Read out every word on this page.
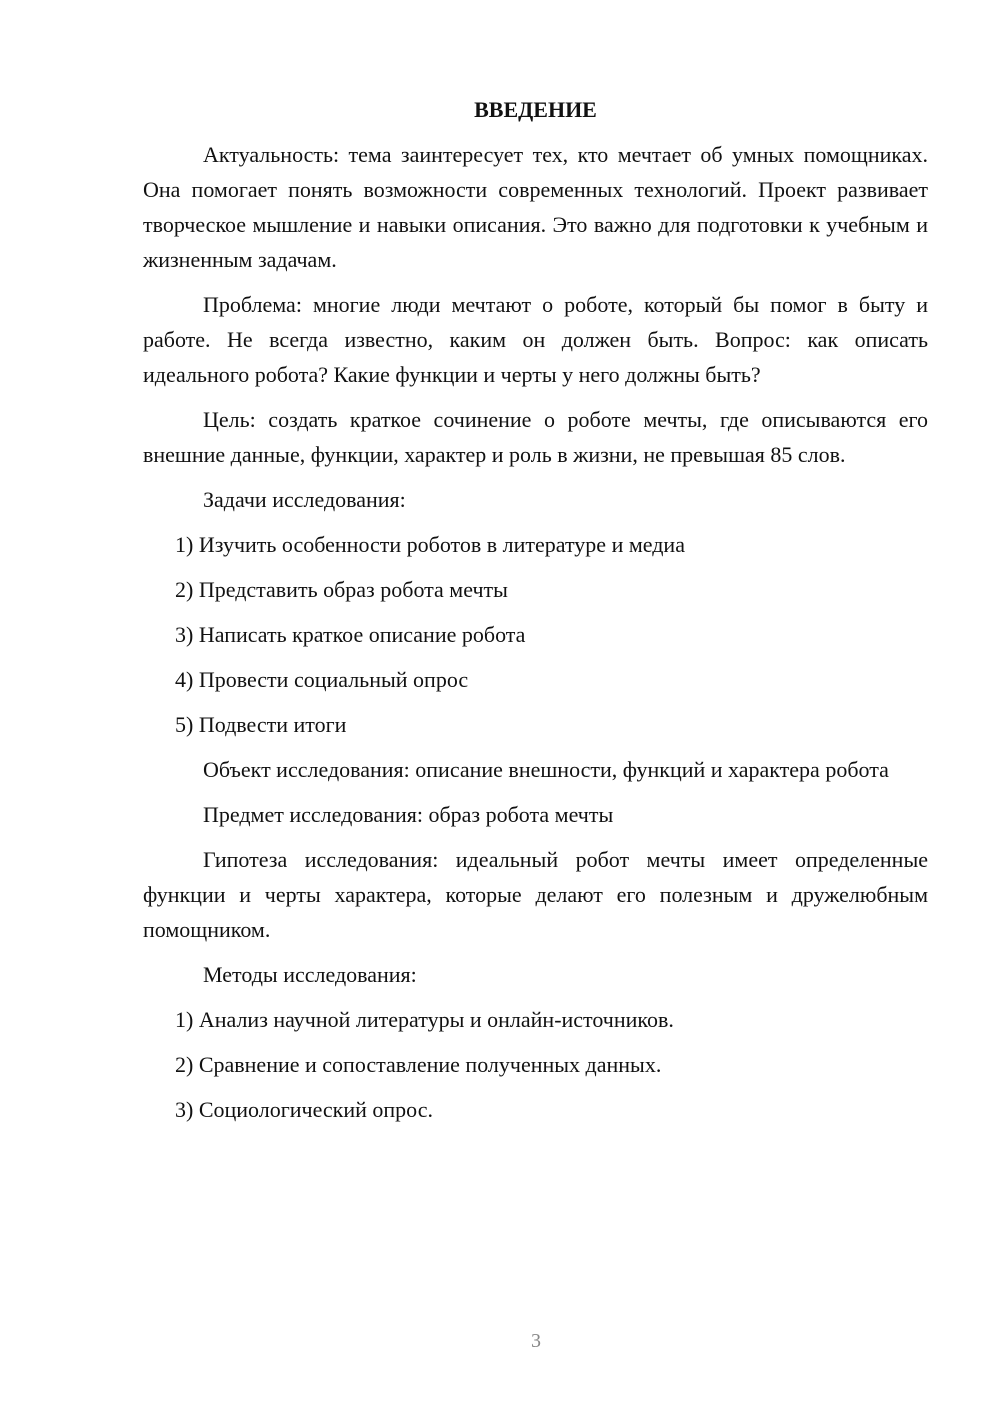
ВВЕДЕНИЕ

Актуальность: тема заинтересует тех, кто мечтает об умных помощниках. Она помогает понять возможности современных технологий. Проект развивает творческое мышление и навыки описания. Это важно для подготовки к учебным и жизненным задачам.

Проблема: многие люди мечтают о роботе, который бы помог в быту и работе. Не всегда известно, каким он должен быть. Вопрос: как описать идеального робота? Какие функции и черты у него должны быть?

Цель: создать краткое сочинение о роботе мечты, где описываются его внешние данные, функции, характер и роль в жизни, не превышая 85 слов.

Задачи исследования:

1) Изучить особенности роботов в литературе и медиа
2) Представить образ робота мечты
3) Написать краткое описание робота
4) Провести социальный опрос
5) Подвести итоги

Объект исследования: описание внешности, функций и характера робота

Предмет исследования: образ робота мечты

Гипотеза исследования: идеальный робот мечты имеет определенные функции и черты характера, которые делают его полезным и дружелюбным помощником.

Методы исследования:

1) Анализ научной литературы и онлайн-источников.
2) Сравнение и сопоставление полученных данных.
3) Социологический опрос.
3
